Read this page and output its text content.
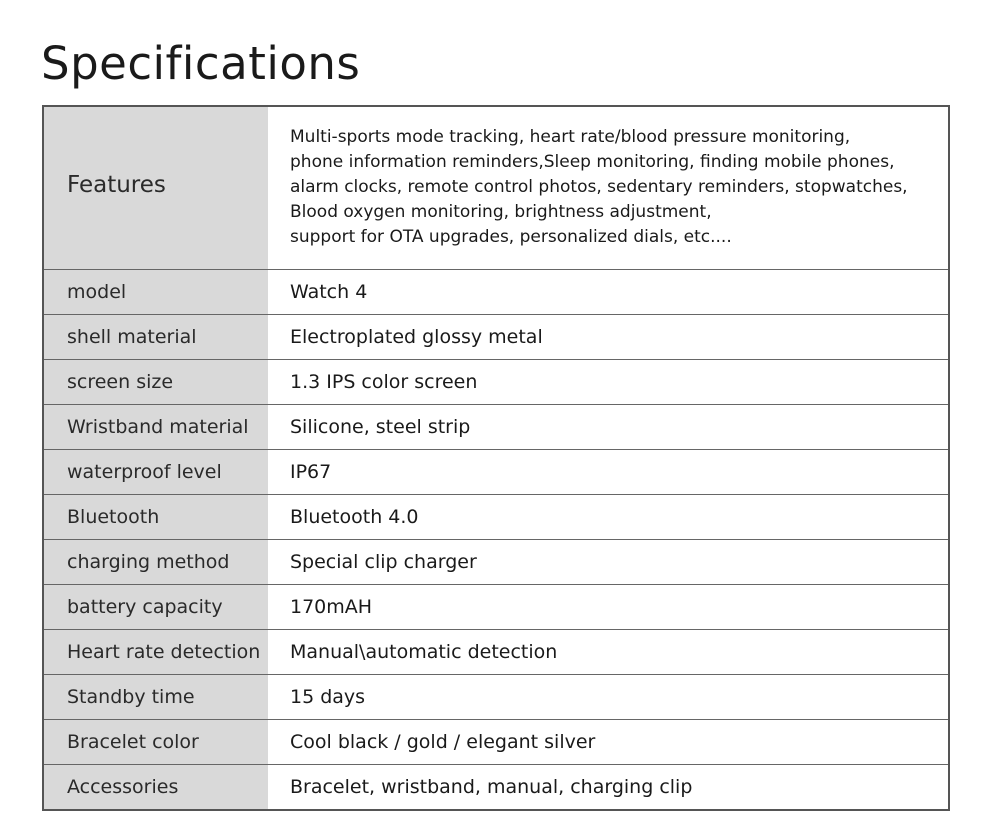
Specifications
Features	Multi-sports mode tracking, heart rate/blood pressure monitoring,
phone information reminders,Sleep monitoring, finding mobile phones,
alarm clocks, remote control photos, sedentary reminders, stopwatches,
Blood oxygen monitoring, brightness adjustment,
support for OTA upgrades, personalized dials, etc....

model	Watch 4
shell material	Electroplated glossy metal
screen size	1.3 IPS color screen
Wristband material	Silicone, steel strip
waterproof level	IP67
Bluetooth	Bluetooth 4.0
charging method	Special clip charger
battery capacity	170mAH
Heart rate detection	Manual\automatic detection
Standby time	15 days
Bracelet color	Cool black / gold / elegant silver
Accessories	Bracelet, wristband, manual, charging clip
